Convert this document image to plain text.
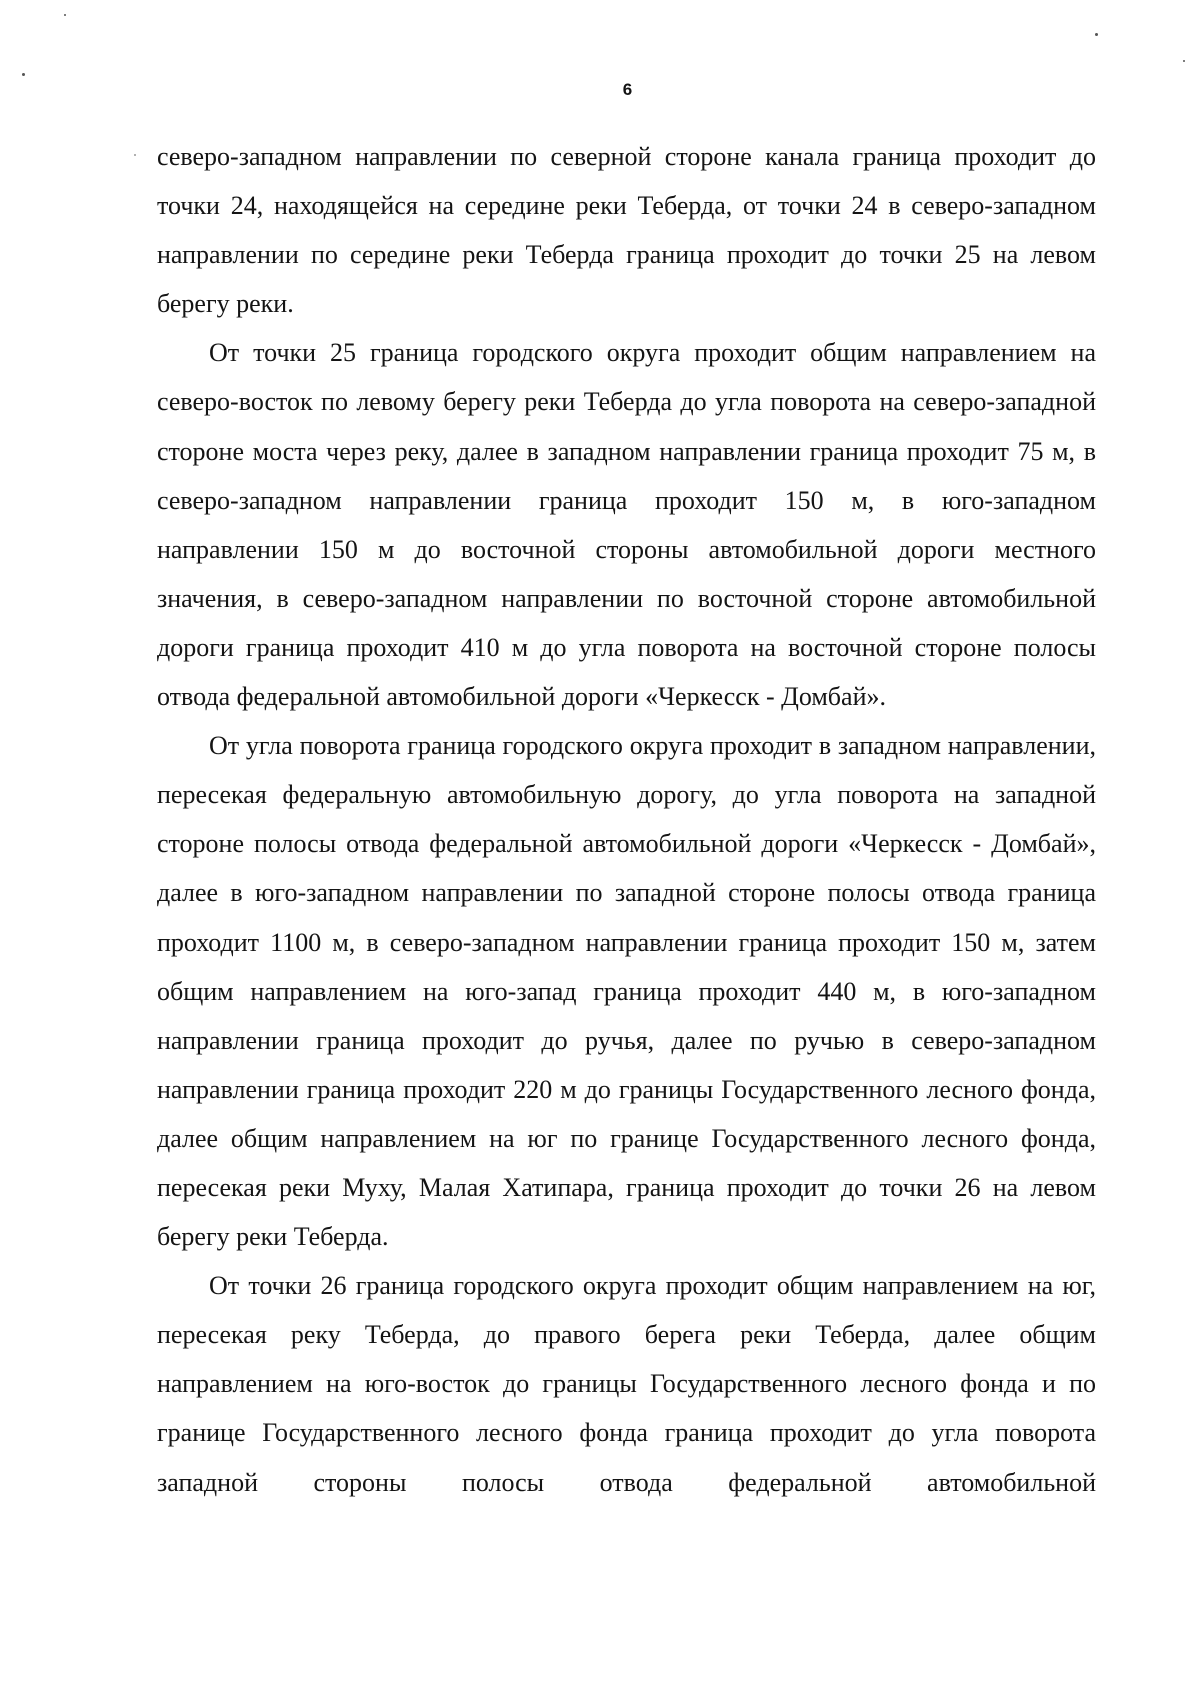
6

северо-западном направлении по северной стороне канала граница проходит до точки 24, находящейся на середине реки Теберда, от точки 24 в северо-западном направлении по середине реки Теберда граница проходит до точки 25 на левом берегу реки.

От точки 25 граница городского округа проходит общим направлением на северо-восток по левому берегу реки Теберда до угла поворота на северо-западной стороне моста через реку, далее в западном направлении граница проходит 75 м, в северо-западном направлении граница проходит 150 м, в юго-западном направлении 150 м до восточной стороны автомобильной дороги местного значения, в северо-западном направлении по восточной стороне автомобильной дороги граница проходит 410 м до угла поворота на восточной стороне полосы отвода федеральной автомобильной дороги «Черкесск - Домбай».

От угла поворота граница городского округа проходит в западном направлении, пересекая федеральную автомобильную дорогу, до угла поворота на западной стороне полосы отвода федеральной автомобильной дороги «Черкесск - Домбай», далее в юго-западном направлении по западной стороне полосы отвода граница проходит 1100 м, в северо-западном направлении граница проходит 150 м, затем общим направлением на юго-запад граница проходит 440 м, в юго-западном направлении граница проходит до ручья, далее по ручью в северо-западном направлении граница проходит 220 м до границы Государственного лесного фонда, далее общим направлением на юг по границе Государственного лесного фонда, пересекая реки Муху, Малая Хатипара, граница проходит до точки 26 на левом берегу реки Теберда.

От точки 26 граница городского округа проходит общим направлением на юг, пересекая реку Теберда, до правого берега реки Теберда, далее общим направлением на юго-восток до границы Государственного лесного фонда и по границе Государственного лесного фонда граница проходит до угла поворота западной стороны полосы отвода федеральной автомобильной
